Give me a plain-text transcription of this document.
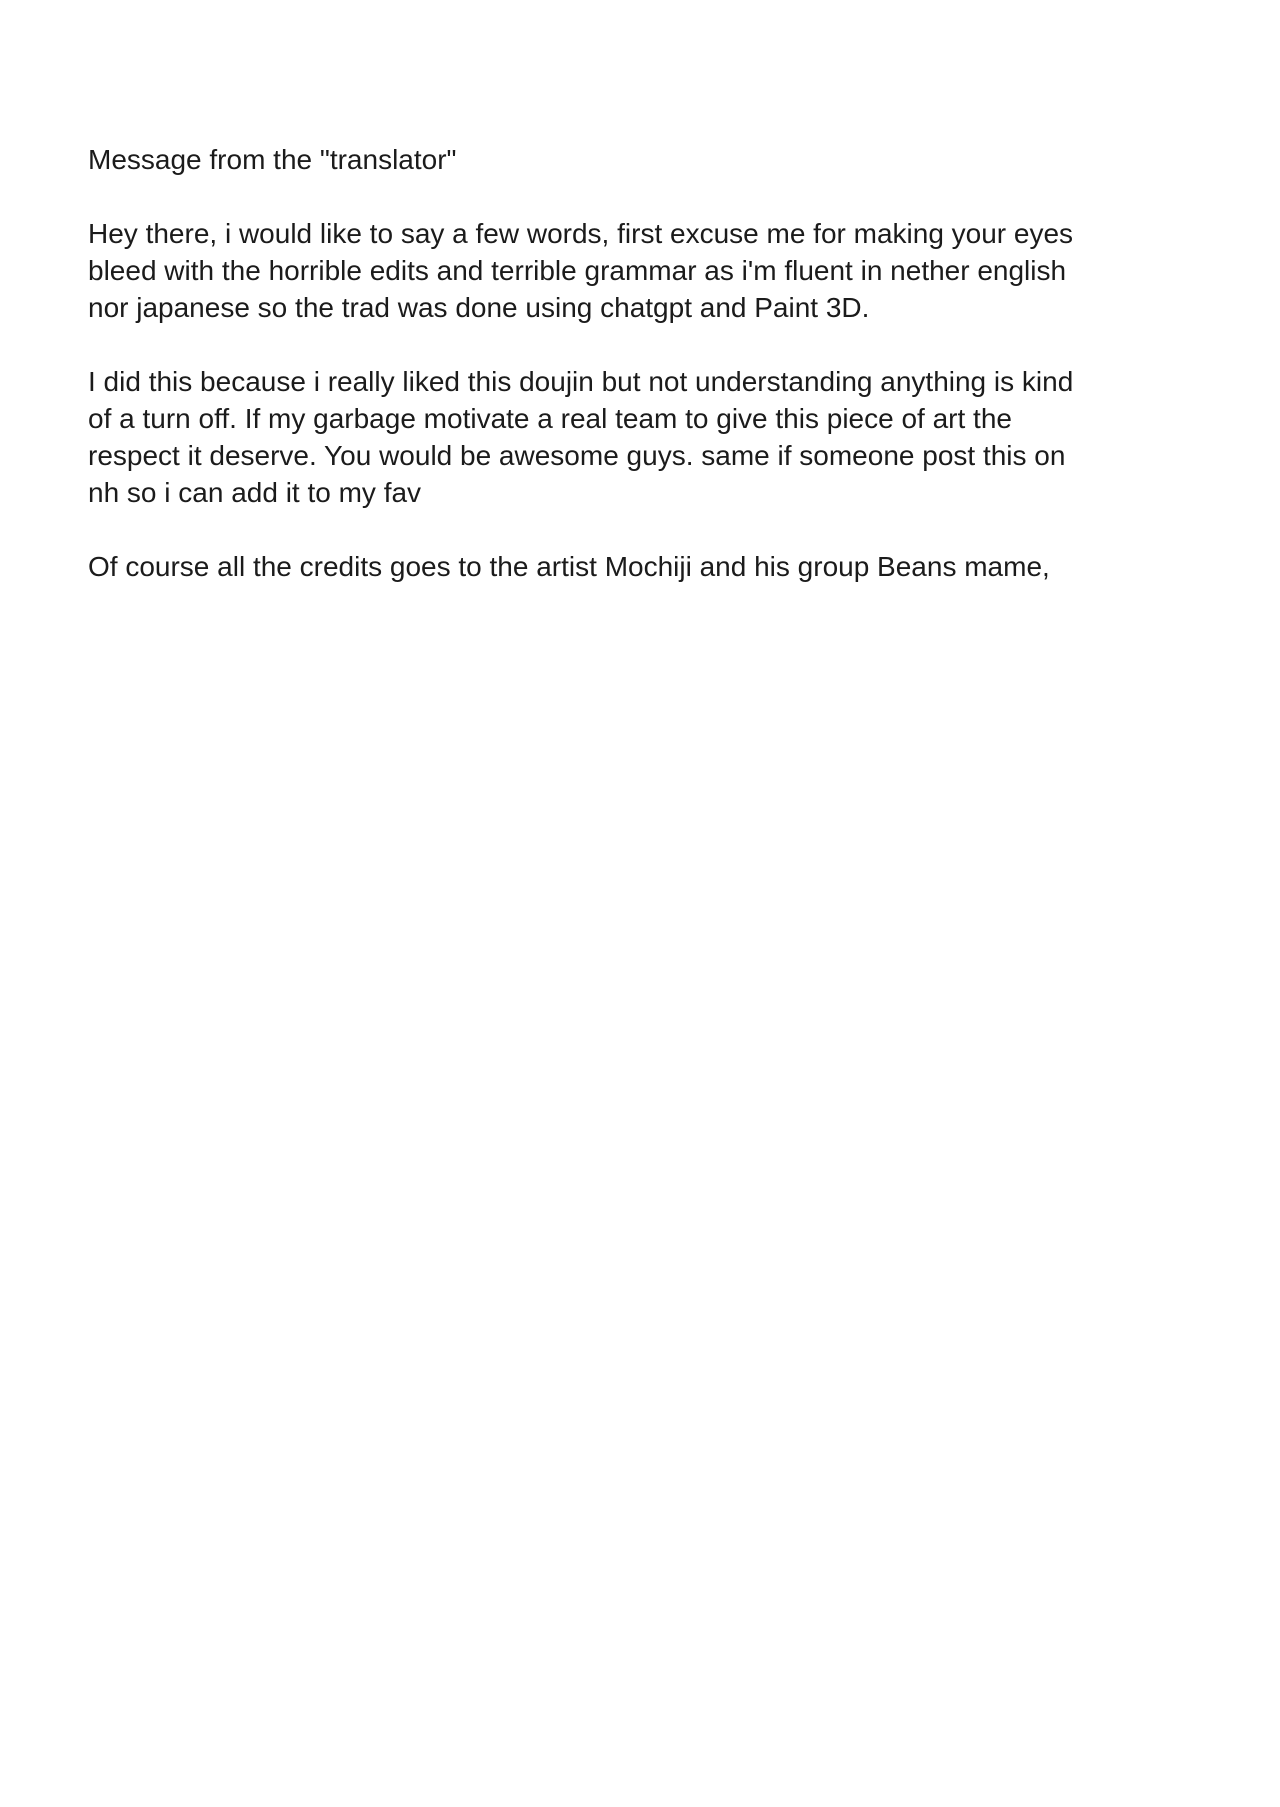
Message from the "translator"
Hey there, i would like to say a few words, first excuse me for making your eyes
bleed with the horrible edits and terrible grammar as i'm fluent in nether english
nor japanese so the trad was done using chatgpt and Paint 3D.
I did this because i really liked this doujin but not understanding anything is kind
of a turn off. If my garbage motivate a real team to give this piece of art the
respect it deserve. You would be awesome guys. same if someone post this on
nh so i can add it to my fav
Of course all the credits goes to the artist Mochiji and his group Beans mame,
